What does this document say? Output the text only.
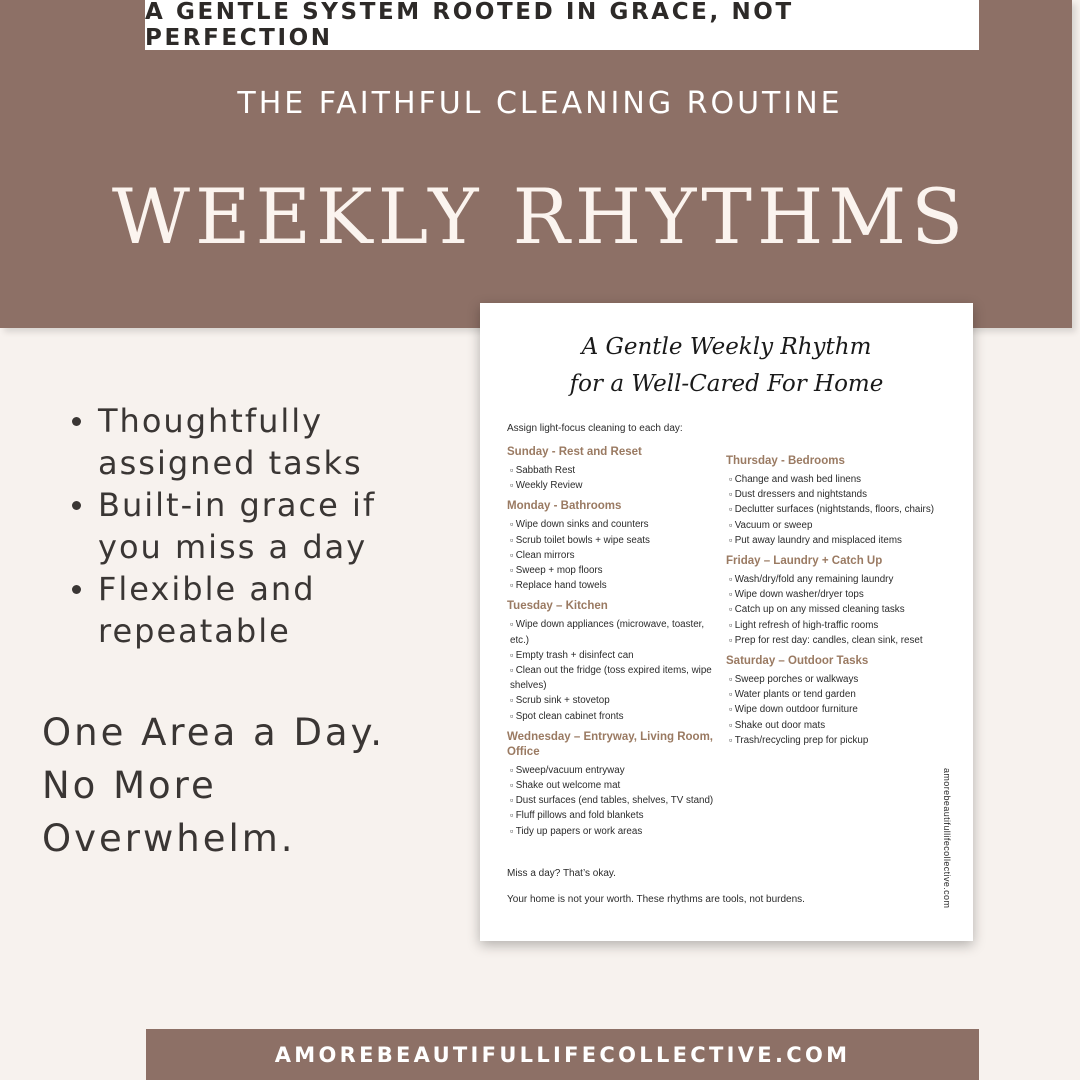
A GENTLE SYSTEM ROOTED IN GRACE, NOT PERFECTION
THE FAITHFUL CLEANING ROUTINE
WEEKLY RHYTHMS
Thoughtfully assigned tasks
Built-in grace if you miss a day
Flexible and repeatable
One Area a Day.
No More
Overwhelm.
A Gentle Weekly Rhythm
for a Well-Cared For Home
Assign light-focus cleaning to each day:
Sunday - Rest and Reset
▫ Sabbath Rest
▫ Weekly Review
Monday - Bathrooms
▫ Wipe down sinks and counters
▫ Scrub toilet bowls + wipe seats
▫ Clean mirrors
▫ Sweep + mop floors
▫ Replace hand towels
Tuesday – Kitchen
▫ Wipe down appliances (microwave, toaster, etc.)
▫ Empty trash + disinfect can
▫ Clean out the fridge (toss expired items, wipe shelves)
▫ Scrub sink + stovetop
▫ Spot clean cabinet fronts
Wednesday – Entryway, Living Room, Office
▫ Sweep/vacuum entryway
▫ Shake out welcome mat
▫ Dust surfaces (end tables, shelves, TV stand)
▫ Fluff pillows and fold blankets
▫ Tidy up papers or work areas
Thursday - Bedrooms
▫ Change and wash bed linens
▫ Dust dressers and nightstands
▫ Declutter surfaces (nightstands, floors, chairs)
▫ Vacuum or sweep
▫ Put away laundry and misplaced items
Friday – Laundry + Catch Up
▫ Wash/dry/fold any remaining laundry
▫ Wipe down washer/dryer tops
▫ Catch up on any missed cleaning tasks
▫ Light refresh of high-traffic rooms
▫ Prep for rest day: candles, clean sink, reset
Saturday – Outdoor Tasks
▫ Sweep porches or walkways
▫ Water plants or tend garden
▫ Wipe down outdoor furniture
▫ Shake out door mats
▫ Trash/recycling prep for pickup
Miss a day? That’s okay.
Your home is not your worth. These rhythms are tools, not burdens.	amorebeautifullifecollective.com
AMOREBEAUTIFULLIFECOLLECTIVE.COM
